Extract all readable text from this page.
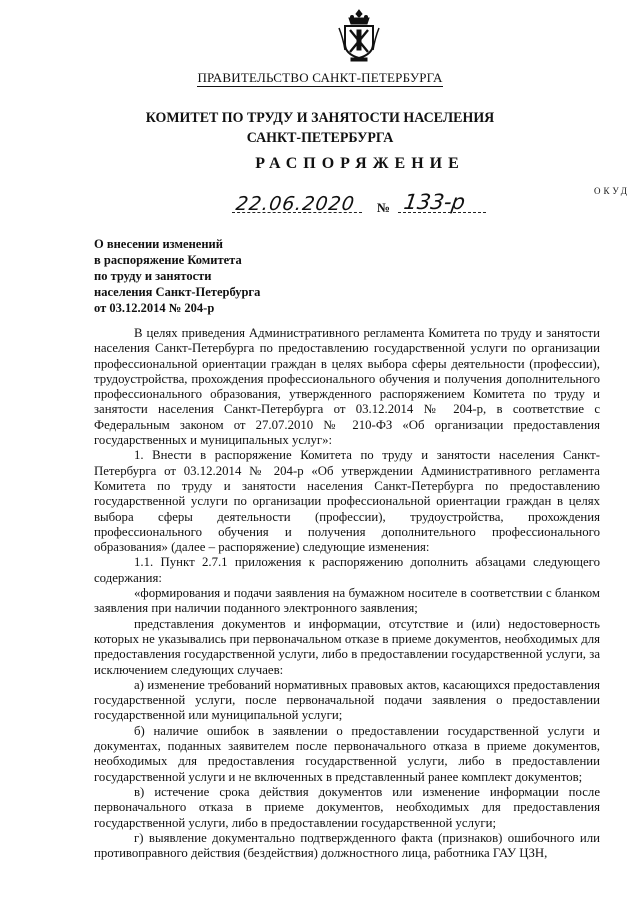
ПРАВИТЕЛЬСТВО САНКТ-ПЕТЕРБУРГА
КОМИТЕТ ПО ТРУДУ И ЗАНЯТОСТИ НАСЕЛЕНИЯ
САНКТ-ПЕТЕРБУРГА
РАСПОРЯЖЕНИЕ
ОКУД
22.06.2020 № 133-р
О внесении изменений
в распоряжение Комитета
по труду и занятости
населения Санкт-Петербурга
от 03.12.2014 № 204-р

В целях приведения Административного регламента Комитета по труду и занятости населения Санкт-Петербурга по предоставлению государственной услуги по организации профессиональной ориентации граждан в целях выбора сферы деятельности (профессии), трудоустройства, прохождения профессионального обучения и получения дополнительного профессионального образования, утвержденного распоряжением Комитета по труду и занятости населения Санкт-Петербурга от 03.12.2014 № 204-р, в соответствие с Федеральным законом от 27.07.2010 № 210-ФЗ «Об организации предоставления государственных и муниципальных услуг»:

1. Внести в распоряжение Комитета по труду и занятости населения Санкт-Петербурга от 03.12.2014 № 204-р «Об утверждении Административного регламента Комитета по труду и занятости населения Санкт-Петербурга по предоставлению государственной услуги по организации профессиональной ориентации граждан в целях выбора сферы деятельности (профессии), трудоустройства, прохождения профессионального обучения и получения дополнительного профессионального образования» (далее – распоряжение) следующие изменения:

1.1. Пункт 2.7.1 приложения к распоряжению дополнить абзацами следующего содержания:

«формирования и подачи заявления на бумажном носителе в соответствии с бланком заявления при наличии поданного электронного заявления;

представления документов и информации, отсутствие и (или) недостоверность которых не указывались при первоначальном отказе в приеме документов, необходимых для предоставления государственной услуги, либо в предоставлении государственной услуги, за исключением следующих случаев:

а) изменение требований нормативных правовых актов, касающихся предоставления государственной услуги, после первоначальной подачи заявления о предоставлении государственной или муниципальной услуги;

б) наличие ошибок в заявлении о предоставлении государственной услуги и документах, поданных заявителем после первоначального отказа в приеме документов, необходимых для предоставления государственной услуги, либо в предоставлении государственной услуги и не включенных в представленный ранее комплект документов;

в) истечение срока действия документов или изменение информации после первоначального отказа в приеме документов, необходимых для предоставления государственной услуги, либо в предоставлении государственной услуги;

г) выявление документально подтвержденного факта (признаков) ошибочного или противоправного действия (бездействия) должностного лица, работника ГАУ ЦЗН,
